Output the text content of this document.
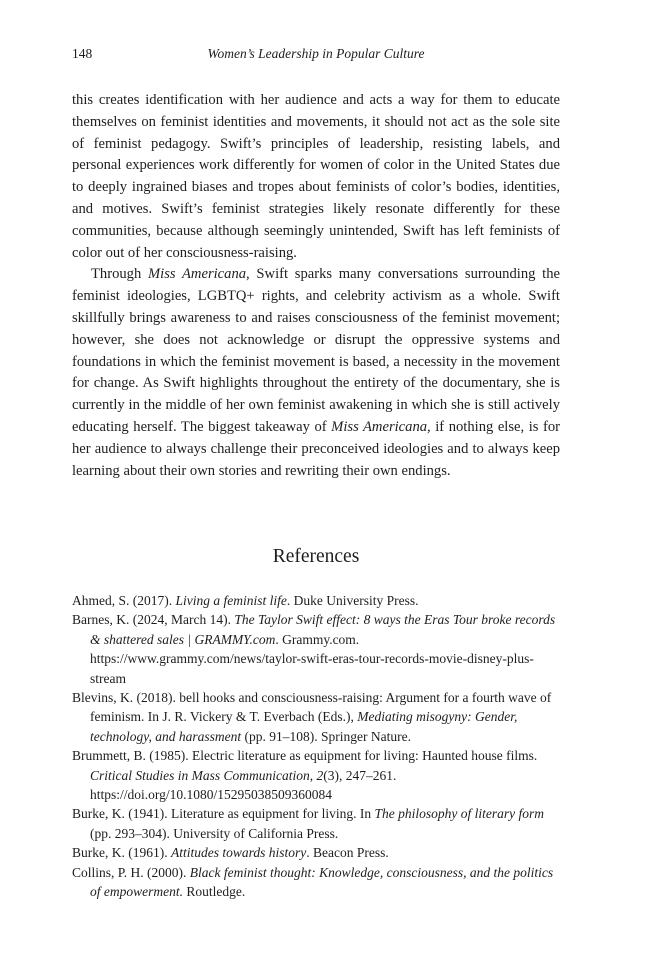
148	Women’s Leadership in Popular Culture

this creates identification with her audience and acts a way for them to educate themselves on feminist identities and movements, it should not act as the sole site of feminist pedagogy. Swift’s principles of leadership, resisting labels, and personal experiences work differently for women of color in the United States due to deeply ingrained biases and tropes about feminists of color’s bodies, identities, and motives. Swift’s feminist strategies likely resonate differently for these communities, because although seemingly unintended, Swift has left feminists of color out of her consciousness-raising.

Through Miss Americana, Swift sparks many conversations surrounding the feminist ideologies, LGBTQ+ rights, and celebrity activism as a whole. Swift skillfully brings awareness to and raises consciousness of the feminist movement; however, she does not acknowledge or disrupt the oppressive systems and foundations in which the feminist movement is based, a necessity in the movement for change. As Swift highlights throughout the entirety of the documentary, she is currently in the middle of her own feminist awakening in which she is still actively educating herself. The biggest takeaway of Miss Americana, if nothing else, is for her audience to always challenge their preconceived ideologies and to always keep learning about their own stories and rewriting their own endings.

References

Ahmed, S. (2017). Living a feminist life. Duke University Press.

Barnes, K. (2024, March 14). The Taylor Swift effect: 8 ways the Eras Tour broke records & shattered sales | GRAMMY.com. Grammy.com. https://www.grammy.com/news/taylor-swift-eras-tour-records-movie-disney-plus-stream

Blevins, K. (2018). bell hooks and consciousness-raising: Argument for a fourth wave of feminism. In J. R. Vickery & T. Everbach (Eds.), Mediating misogyny: Gender, technology, and harassment (pp. 91–108). Springer Nature.

Brummett, B. (1985). Electric literature as equipment for living: Haunted house films. Critical Studies in Mass Communication, 2(3), 247–261. https://doi.org/10.1080/15295038509360084

Burke, K. (1941). Literature as equipment for living. In The philosophy of literary form (pp. 293–304). University of California Press.

Burke, K. (1961). Attitudes towards history. Beacon Press.

Collins, P. H. (2000). Black feminist thought: Knowledge, consciousness, and the politics of empowerment. Routledge.
